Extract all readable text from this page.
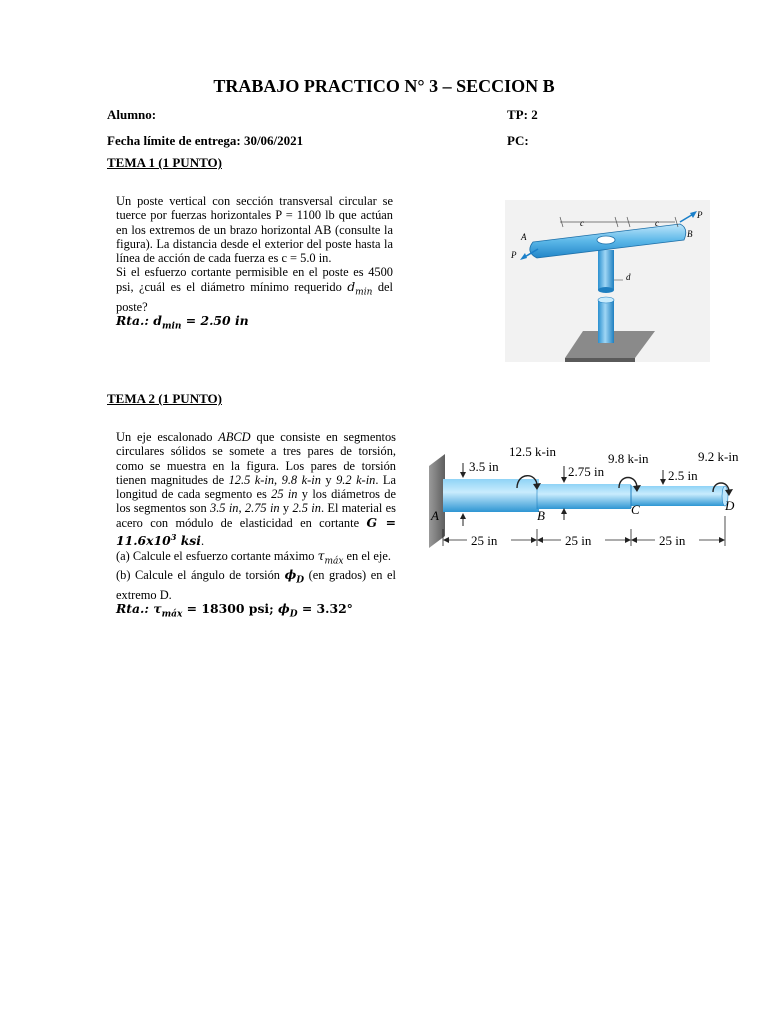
TRABAJO PRACTICO N° 3 – SECCION B
Alumno:	TP: 2
Fecha límite de entrega: 30/06/2021	PC:
TEMA 1 (1 PUNTO)

Un poste vertical con sección transversal circular se tuerce por fuerzas horizontales P = 1100 lb que actúan en los extremos de un brazo horizontal AB (consulte la figura). La distancia desde el exterior del poste hasta la línea de acción de cada fuerza es c = 5.0 in.

Si el esfuerzo cortante permisible en el poste es 4500 psi, ¿cuál es el diámetro mínimo requerido $d_{min}$ del poste?

Rta.: $d_{min} = 2.50$ in

c	c
A	B
P
P
d
TEMA 2 (1 PUNTO)

Un eje escalonado ABCD que consiste en segmentos circulares sólidos se somete a tres pares de torsión, como se muestra en la figura. Los pares de torsión tienen magnitudes de 12.5 k-in, 9.8 k-in y 9.2 k-in. La longitud de cada segmento es 25 in y los diámetros de los segmentos son 3.5 in, 2.75 in y 2.5 in. El material es acero con módulo de elasticidad en cortante $G = 11.6x10^3$ ksi.

(a) Calcule el esfuerzo cortante máximo $\tau_{máx}$ en el eje.

(b) Calcule el ángulo de torsión $\phi_D$ (en grados) en el extremo D.

Rta.: $\tau_{máx} = 18300$ psi; $\phi_D = 3.32^\circ$

12.5 k-in	9.8 k-in	9.2 k-in
3.5 in	2.75 in	2.5 in
A	B	C	D
25 in	25 in	25 in
